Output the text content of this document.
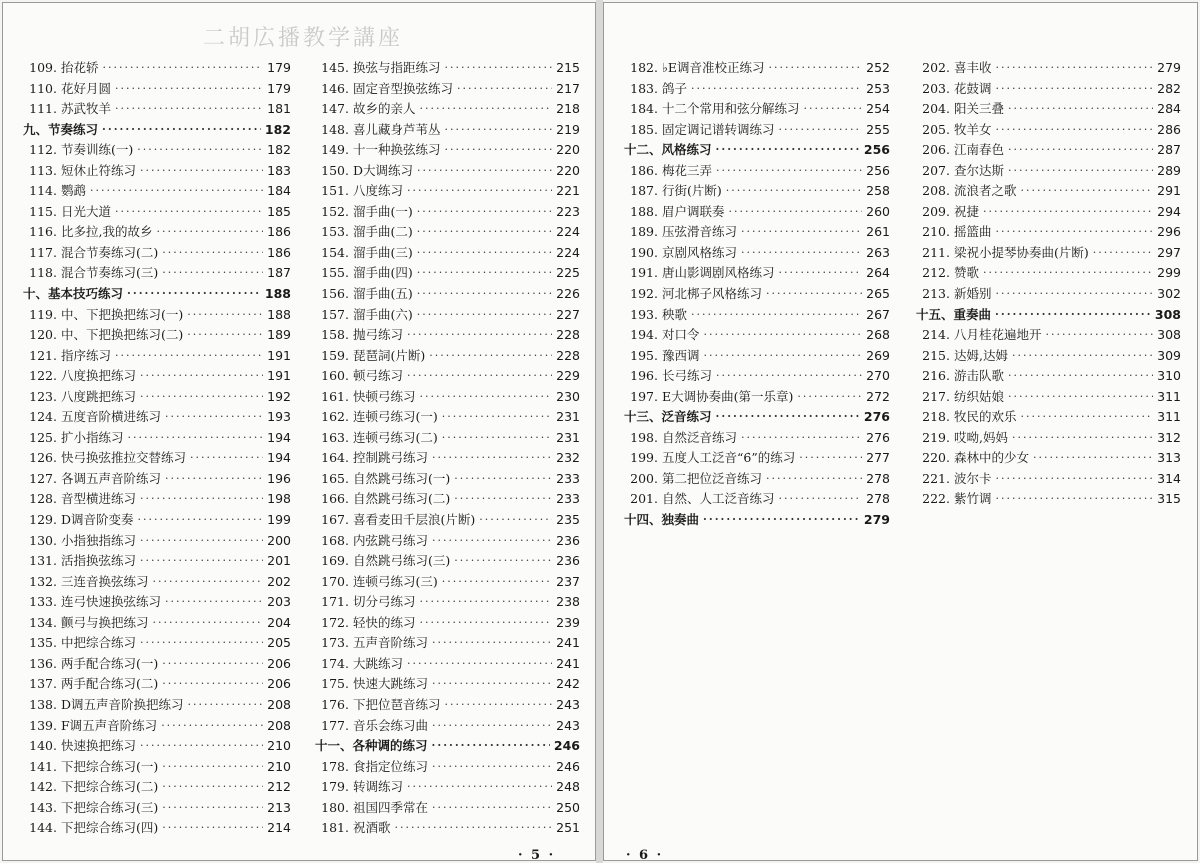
二胡広播教学講座
109. 抬花轿 ·····	179
110. 花好月圆 ·····	179
111. 苏武牧羊 ·····	181
九、 节奏练习 ·····	182
112. 节奏训练(一) ·····	182
113. 短休止符练习 ·····	183
114. 鹦鹉 ·····	184
115. 日光大道 ·····	185
116. 比多拉,我的故乡 ·····	186
117. 混合节奏练习(二) ·····	186
118. 混合节奏练习(三) ·····	187
十、 基本技巧练习 ·····	188
119. 中、下把换把练习(一) ·····	188
120. 中、下把换把练习(二) ·····	189
121. 指序练习 ·····	191
122. 八度换把练习 ·····	191
123. 八度跳把练习 ·····	192
124. 五度音阶横进练习 ·····	193
125. 扩小指练习 ·····	194
126. 快弓换弦推拉交替练习 ·····	194
127. 各调五声音阶练习 ·····	196
128. 音型横进练习 ·····	198
129. D调音阶变奏 ·····	199
130. 小指独指练习 ·····	200
131. 活指换弦练习 ·····	201
132. 三连音换弦练习 ·····	202
133. 连弓快速换弦练习 ·····	203
134. 颤弓与换把练习 ·····	204
135. 中把综合练习 ·····	205
136. 两手配合练习(一) ·····	206
137. 两手配合练习(二) ·····	206
138. D调五声音阶换把练习 ·····	208
139. F调五声音阶练习 ·····	208
140. 快速换把练习 ·····	210
141. 下把综合练习(一) ·····	210
142. 下把综合练习(二) ·····	212
143. 下把综合练习(三) ·····	213
144. 下把综合练习(四) ·····	214
145. 换弦与指距练习 ·····	215
146. 固定音型换弦练习 ·····	217
147. 故乡的亲人 ·····	218
148. 喜儿藏身芦苇丛 ·····	219
149. 十一种换弦练习 ·····	220
150. D大调练习 ·····	220
151. 八度练习 ·····	221
152. 溜手曲(一) ·····	223
153. 溜手曲(二) ·····	224
154. 溜手曲(三) ·····	224
155. 溜手曲(四) ·····	225
156. 溜手曲(五) ·····	226
157. 溜手曲(六) ·····	227
158. 抛弓练习 ·····	228
159. 琵琶詞(片断) ·····	228
160. 顿弓练习 ·····	229
161. 快顿弓练习 ·····	230
162. 连顿弓练习(一) ·····	231
163. 连顿弓练习(二) ·····	231
164. 控制跳弓练习 ·····	232
165. 自然跳弓练习(一) ·····	233
166. 自然跳弓练习(二) ·····	233
167. 喜看麦田千层浪(片断) ·····	235
168. 内弦跳弓练习 ·····	236
169. 自然跳弓练习(三) ·····	236
170. 连顿弓练习(三) ·····	237
171. 切分弓练习 ·····	238
172. 轻快的练习 ·····	239
173. 五声音阶练习 ·····	241
174. 大跳练习 ·····	241
175. 快速大跳练习 ·····	242
176. 下把位琶音练习 ·····	243
177. 音乐会练习曲 ·····	243
十一、 各种调的练习 ·····	246
178. 食指定位练习 ·····	246
179. 转调练习 ·····	248
180. 祖国四季常在 ·····	250
181. 祝酒歌 ·····	251
· 5 ·
182. ♭E调音准校正练习 ·····	252
183. 鸽子 ·····	253
184. 十二个常用和弦分解练习 ·····	254
185. 固定调记谱转调练习 ·····	255
十二、 风格练习 ·····	256
186. 梅花三弄 ·····	256
187. 行街(片断) ·····	258
188. 眉户调联奏 ·····	260
189. 压弦滑音练习 ·····	261
190. 京剧风格练习 ·····	263
191. 唐山影调剧风格练习 ·····	264
192. 河北梆子风格练习 ·····	265
193. 秧歌 ·····	267
194. 对口令 ·····	268
195. 豫西调 ·····	269
196. 长弓练习 ·····	270
197. E大调协奏曲(第一乐章) ·····	272
十三、 泛音练习 ·····	276
198. 自然泛音练习 ·····	276
199. 五度人工泛音“6̇”的练习 ·····	277
200. 第二把位泛音练习 ·····	278
201. 自然、人工泛音练习 ·····	278
十四、 独奏曲 ·····	279
202. 喜丰收 ·····	279
203. 花鼓调 ·····	282
204. 阳关三叠 ·····	284
205. 牧羊女 ·····	286
206. 江南春色 ·····	287
207. 查尔达斯 ·····	289
208. 流浪者之歌 ·····	291
209. 祝捷 ·····	294
210. 摇篮曲 ·····	296
211. 梁祝小提琴协奏曲(片断) ·····	297
212. 赞歌 ·····	299
213. 新婚别 ·····	302
十五、 重奏曲 ·····	308
214. 八月桂花遍地开 ·····	308
215. 达姆,达姆 ·····	309
216. 游击队歌 ·····	310
217. 纺织姑娘 ·····	311
218. 牧民的欢乐 ·····	311
219. 哎呦,妈妈 ·····	312
220. 森林中的少女 ·····	313
221. 波尔卡 ·····	314
222. 紫竹调 ·····	315
· 6 ·
